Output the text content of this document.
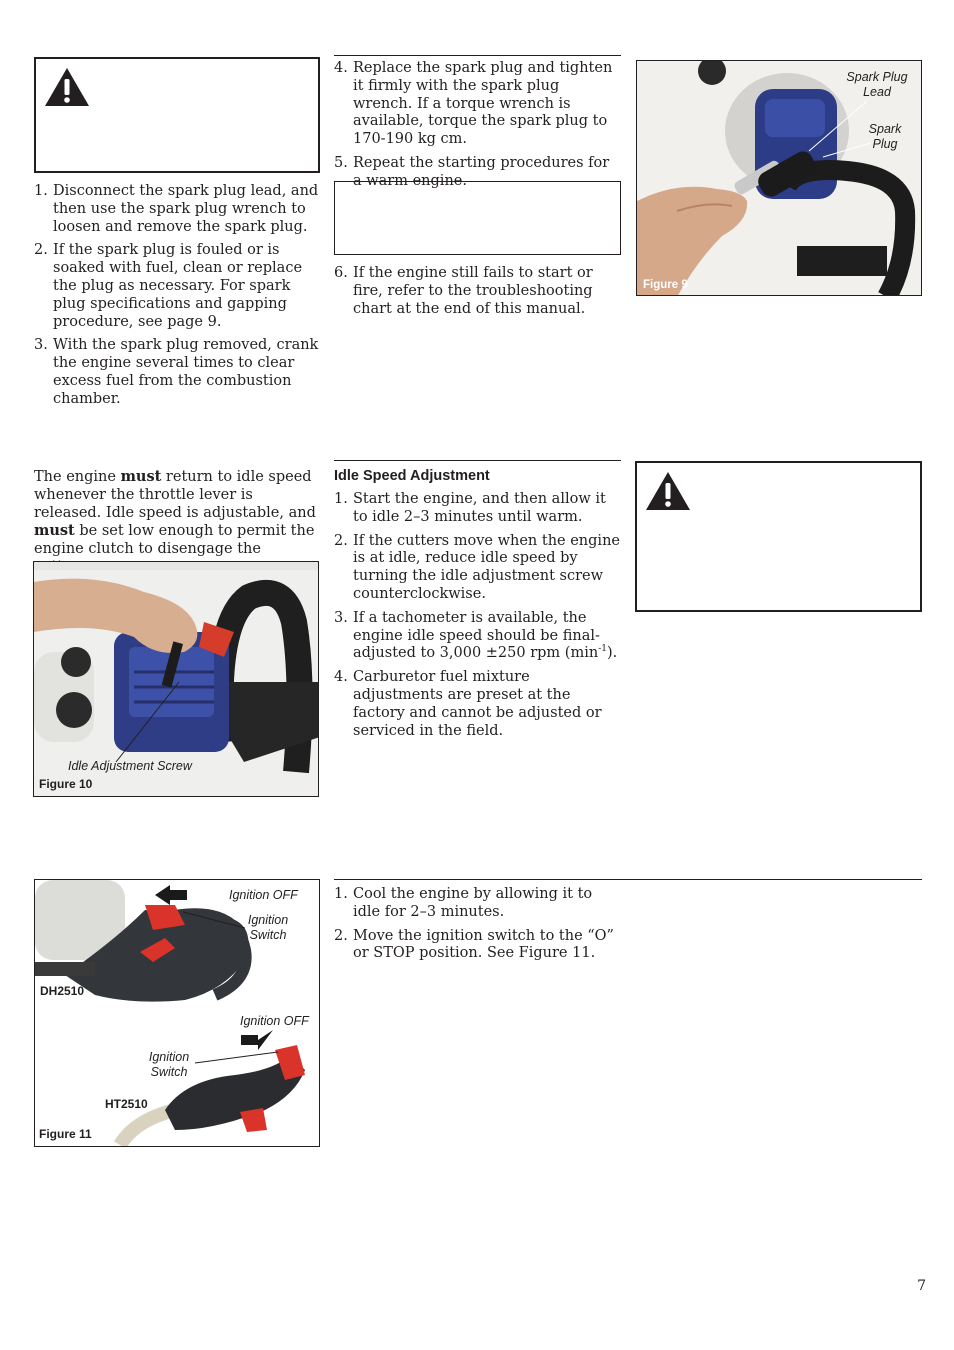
1. Disconnect the spark plug lead, and then use the spark plug wrench to loosen and remove the spark plug.
2. If the spark plug is fouled or is soaked with fuel, clean or replace the plug as necessary. For spark plug specifications and gapping procedure, see page 9.
3. With the spark plug removed, crank the engine several times to clear excess fuel from the combustion chamber.
4. Replace the spark plug and tighten it firmly with the spark plug wrench. If a torque wrench is available, torque the spark plug to 170-190 kg cm.
5. Repeat the starting procedures for a warm engine.
6. If the engine still fails to start or fire, refer to the troubleshooting chart at the end of this manual.
Spark Plug Lead
Spark Plug
Figure 9

The engine must return to idle speed whenever the throttle lever is released. Idle speed is adjustable, and must be set low enough to permit the engine clutch to disengage the

Idle Adjustment Screw
Figure 10
Idle Speed Adjustment
1. Start the engine, and then allow it to idle 2–3 minutes until warm.
2. If the cutters move when the engine is at idle, reduce idle speed by turning the idle adjustment screw counterclockwise.
3. If a tachometer is available, the engine idle speed should be final-adjusted to 3,000 ±250 rpm $(\min^{-1})$.
4. Carburetor fuel mixture adjustments are preset at the factory and cannot be adjusted or serviced in the field.
Ignition OFF
Ignition Switch
DH2510
Ignition OFF
Ignition Switch
HT2510
Figure 11
1. Cool the engine by allowing it to idle for 2–3 minutes.
2. Move the ignition switch to the “O” or STOP position. See Figure 11.
7
